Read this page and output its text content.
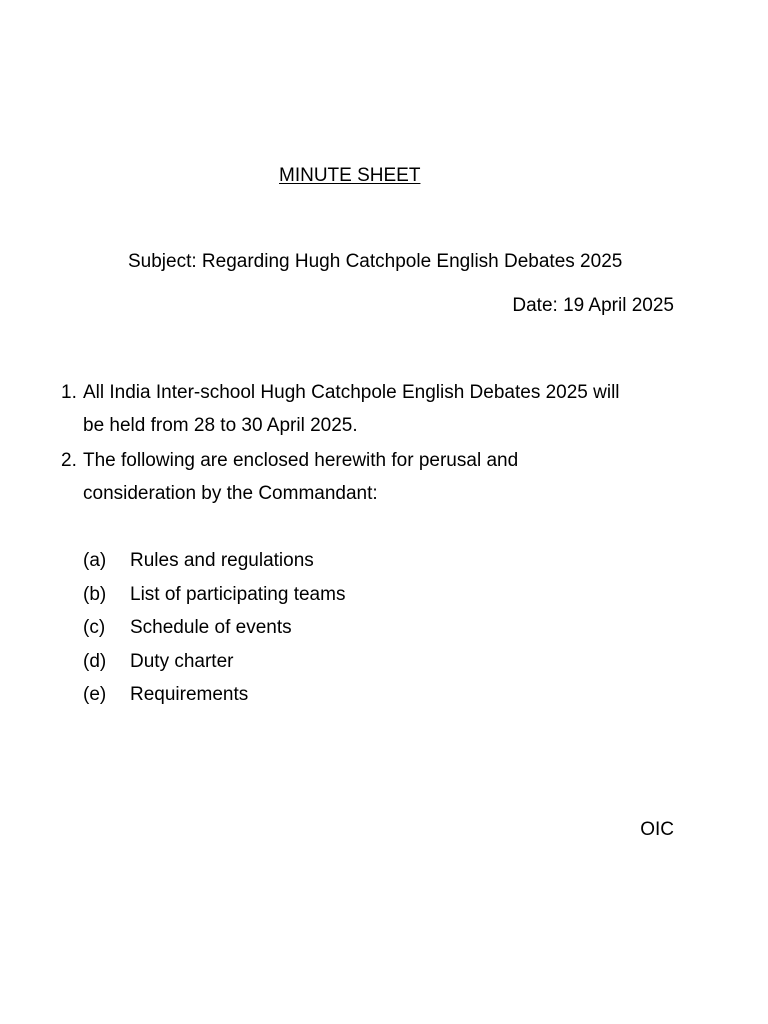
MINUTE SHEET
Subject: Regarding Hugh Catchpole English Debates 2025
Date: 19 April 2025
1. All India Inter-school Hugh Catchpole English Debates 2025 will
be held from 28 to 30 April 2025.
2. The following are enclosed herewith for perusal and
consideration by the Commandant:
(a) Rules and regulations
(b) List of participating teams
(c) Schedule of events
(d) Duty charter
(e) Requirements
OIC
